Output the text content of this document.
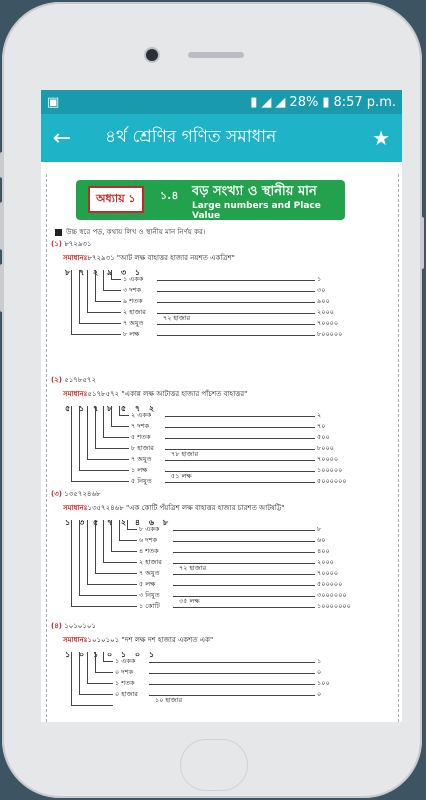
▣	▮ ◢ ◢ 28% ▮ 8:57 p.m.
←	৪র্থ শ্রেণির গণিত সমাধান	★
অধ্যায় ১	১.৪ বড় সংখ্যা ও স্থানীয় মান
Large numbers and Place Value
উচ্চ স্বরে পড়, কথায় লিখ ও স্থানীয় মান নির্ণয় কর।
(১) ৮৭২৯৩১
সমাধানঃ৮৭২৯৩১ "আট লক্ষ বাহাত্তর হাজার নয়শত একত্রিশ"
৮ ৭ ২ ৯ ৩ ১
১ একক	১
৩ দশক	৩০
৯ শতক	৯০০
২ হাজার	২০০০
৭ অযুত	৭০০০০
৮ লক্ষ	৮০০০০০
৭২ হাজার
(২) ৫১৭৮৫৭২
সমাধানঃ৫১৭৮৫৭২ "একান্ন লক্ষ আটাত্তর হাজার পাঁচশত বাহাত্তর"
৫ ১ ৭ ৮ ৫ ৭ ২
২ একক	২
৭ দশক	৭০
৫ শতক	৫০০
৮ হাজার	৮০০০
৭ অযুত	৭০০০০
১ লক্ষ	১০০০০০
৫ নিযুত	৫০০০০০০
৭৮ হাজার
৫১ লক্ষ
(৩) ১৩৫৭২৪৬৮
সমাধানঃ১৩৫৭২৪৬৮ "এক কোটি পঁয়ত্রিশ লক্ষ বাহাত্তর হাজার চারশত আটষট্টি"
১ ৩ ৫ ৭ ২ ৪ ৬ ৮
৮ একক	৮
৬ দশক	৬০
৪ শতক	৪০০
২ হাজার	২০০০
৭ অযুত	৭০০০০
৫ লক্ষ	৫০০০০০
৩ নিযুত	৩০০০০০০
১ কোটি	১০০০০০০০
৭২ হাজার
৩৫ লক্ষ
(৪) ১০১০১০১
সমাধানঃ১০১০১০১ "দশ লক্ষ দশ হাজার একশত এক"
১ ০ ১ ০ ১ ০ ১
১ একক	১
০ দশক	০
১ শতক	১০০
০ হাজার	০
১০ হাজার
